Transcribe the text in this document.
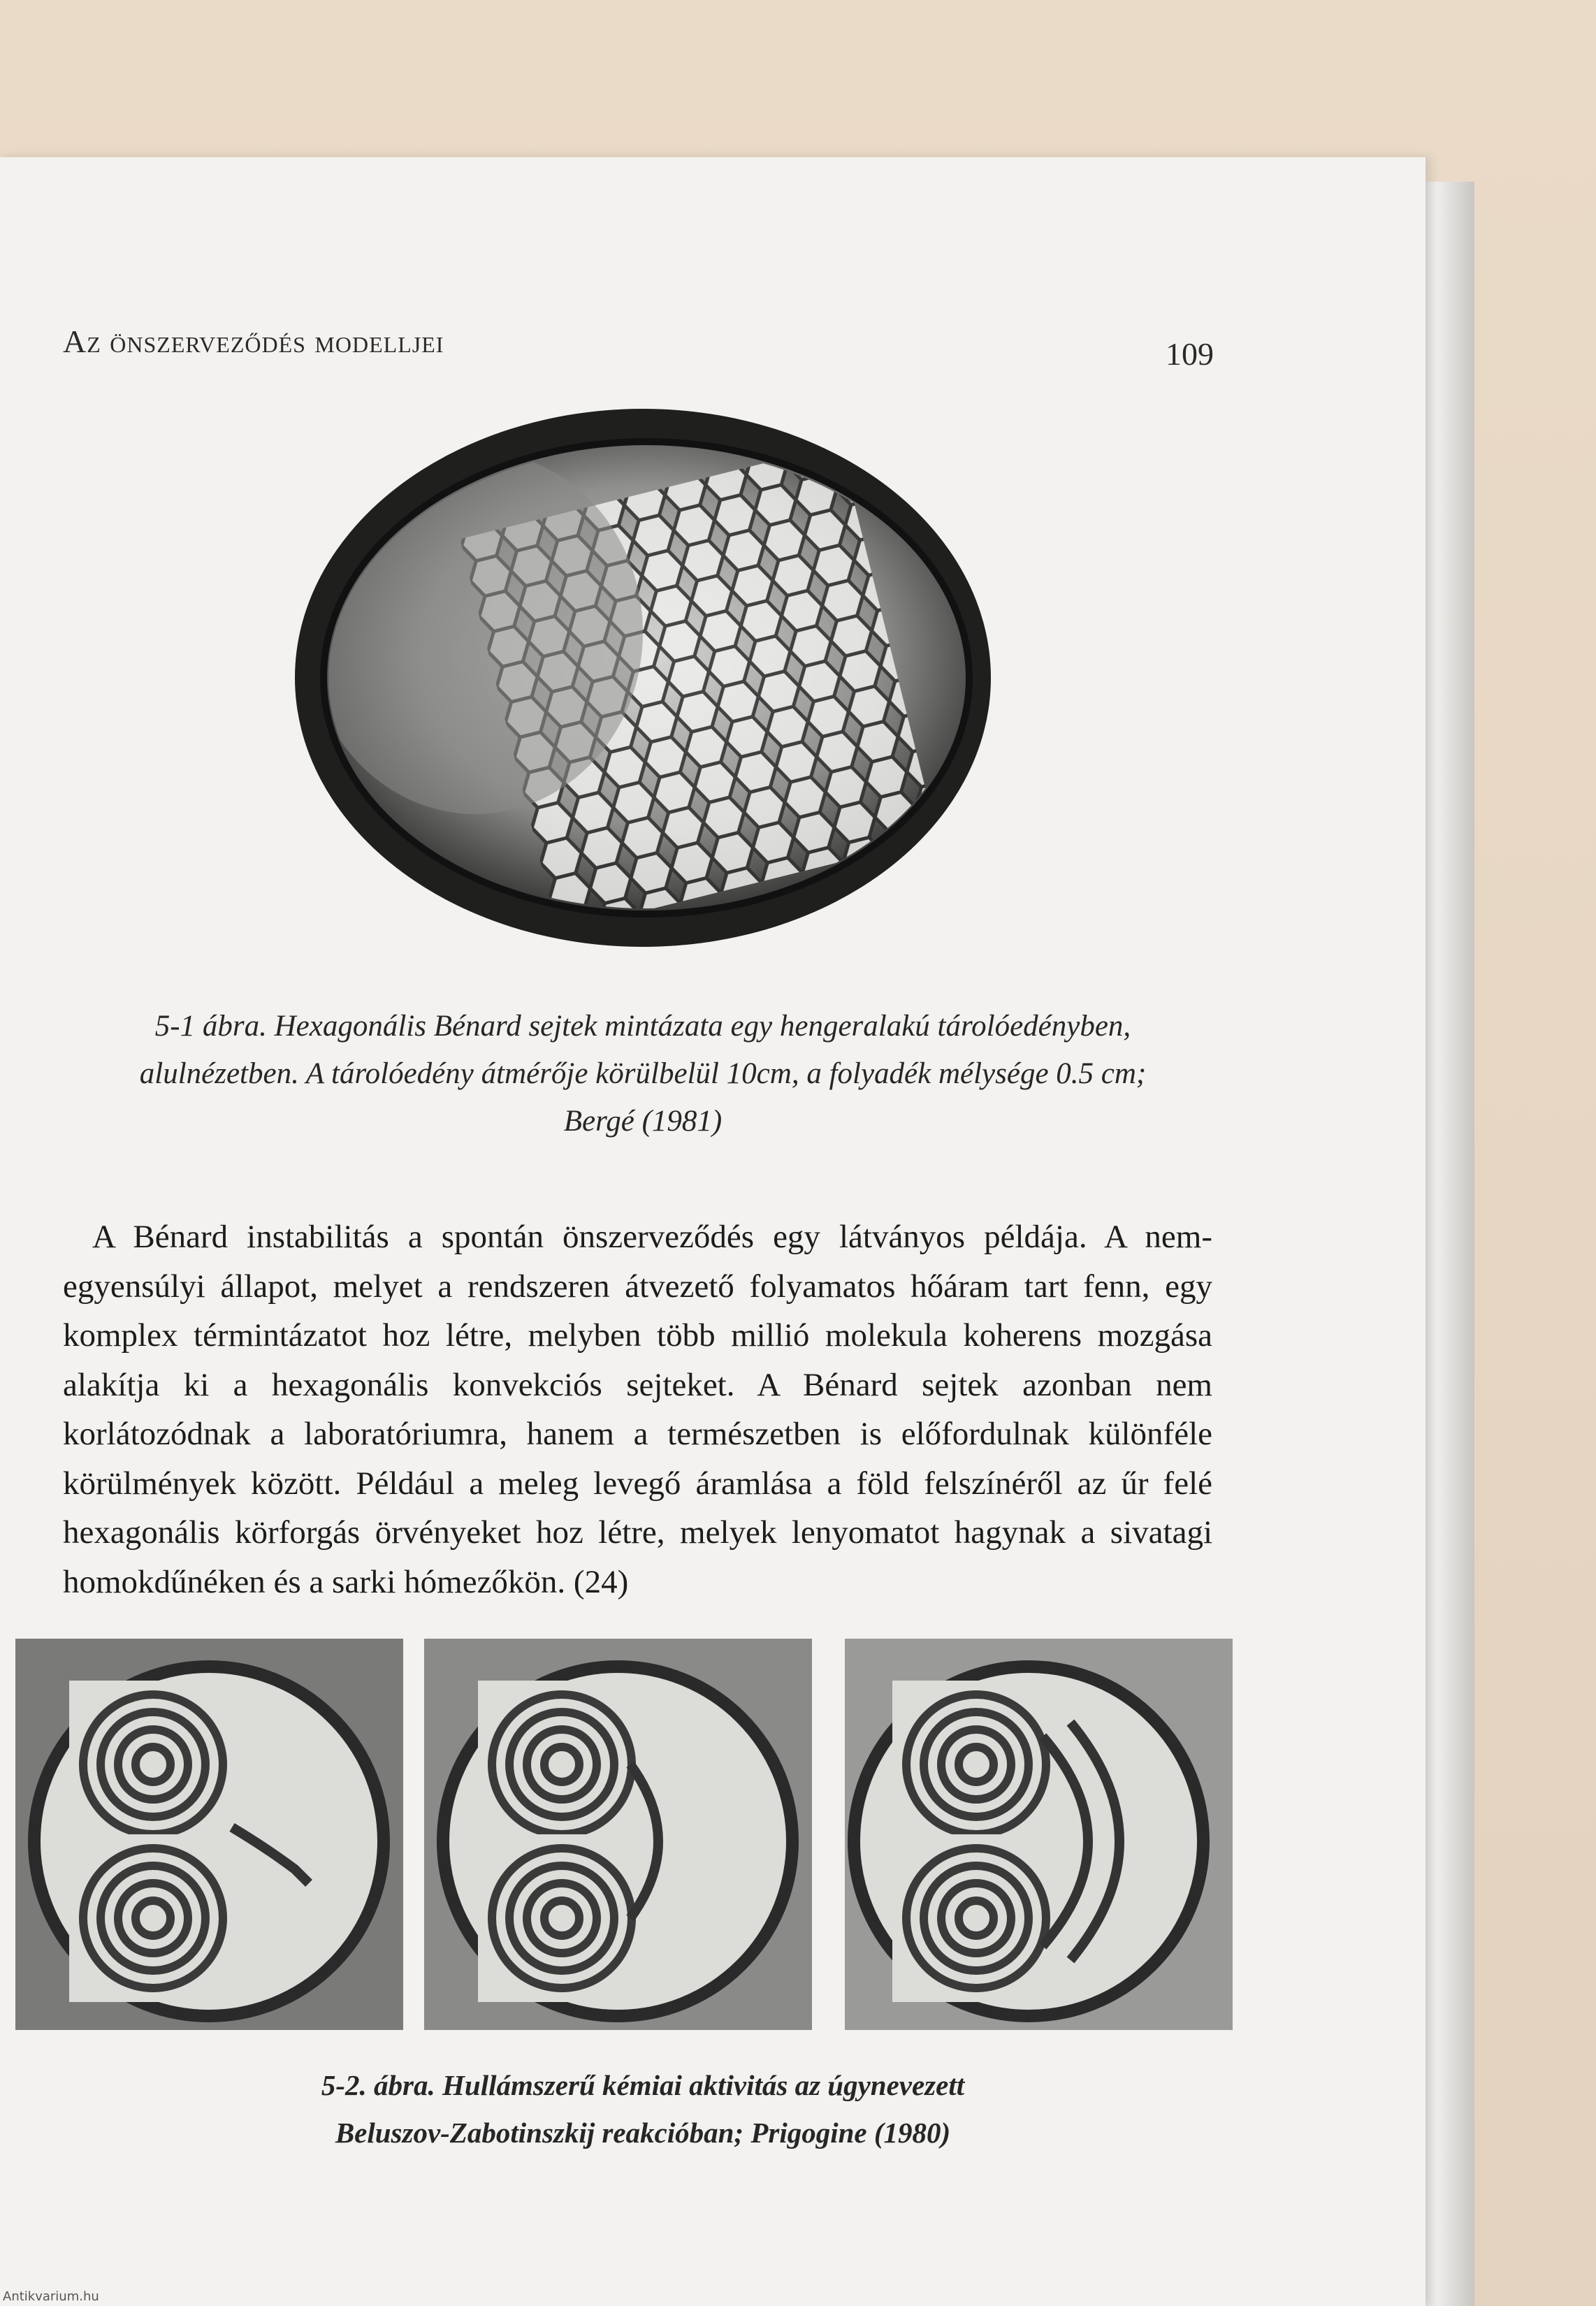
Az önszerveződés modelljei	109
5-1 ábra. Hexagonális Bénard sejtek mintázata egy hengeralakú tárolóedényben,
alulnézetben. A tárolóedény átmérője körülbelül 10cm, a folyadék mélysége 0.5 cm;
Bergé (1981)

A Bénard instabilitás a spontán önszerveződés egy látványos példája. A nem-egyensúlyi állapot, melyet a rendszeren átvezető folyamatos hőáram tart fenn, egy komplex términtázatot hoz létre, melyben több millió molekula koherens mozgása alakítja ki a hexagonális konvekciós sejteket. A Bénard sejtek azonban nem korlátozódnak a laboratóriumra, hanem a természetben is előfordulnak különféle körülmények között. Például a meleg levegő áramlása a föld felszínéről az űr felé hexagonális körforgás örvényeket hoz létre, melyek lenyomatot hagynak a sivatagi homokdűnéken és a sarki hómezőkön. (24)

5-2. ábra. Hullámszerű kémiai aktivitás az úgynevezett
Beluszov-Zabotinszkij reakcióban; Prigogine (1980)
Antikvarium.hu
